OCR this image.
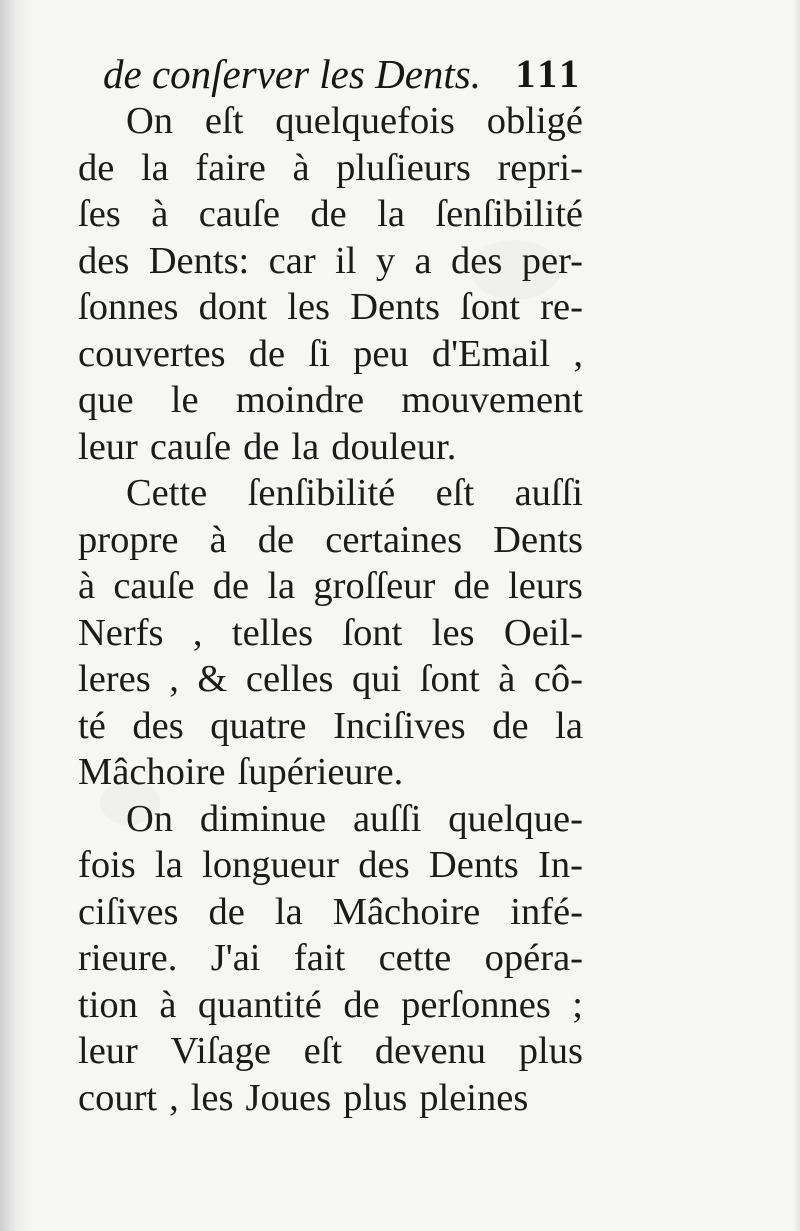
de conſerver les Dents. 111
On eſt quelquefois obligé
de la faire à pluſieurs repri-
ſes à cauſe de la ſenſibilité
des Dents: car il y a des per-
ſonnes dont les Dents ſont re-
couvertes de ſi peu d'Email ,
que le moindre mouvement
leur cauſe de la douleur.
Cette ſenſibilité eſt auſſi
propre à de certaines Dents
à cauſe de la groſſeur de leurs
Nerfs , telles ſont les Oeil-
leres , & celles qui ſont à cô-
té des quatre Inciſives de la
Mâchoire ſupérieure.
On diminue auſſi quelque-
fois la longueur des Dents In-
ciſives de la Mâchoire infé-
rieure. J'ai fait cette opéra-
tion à quantité de perſonnes ;
leur Viſage eſt devenu plus
court , les Joues plus pleines
